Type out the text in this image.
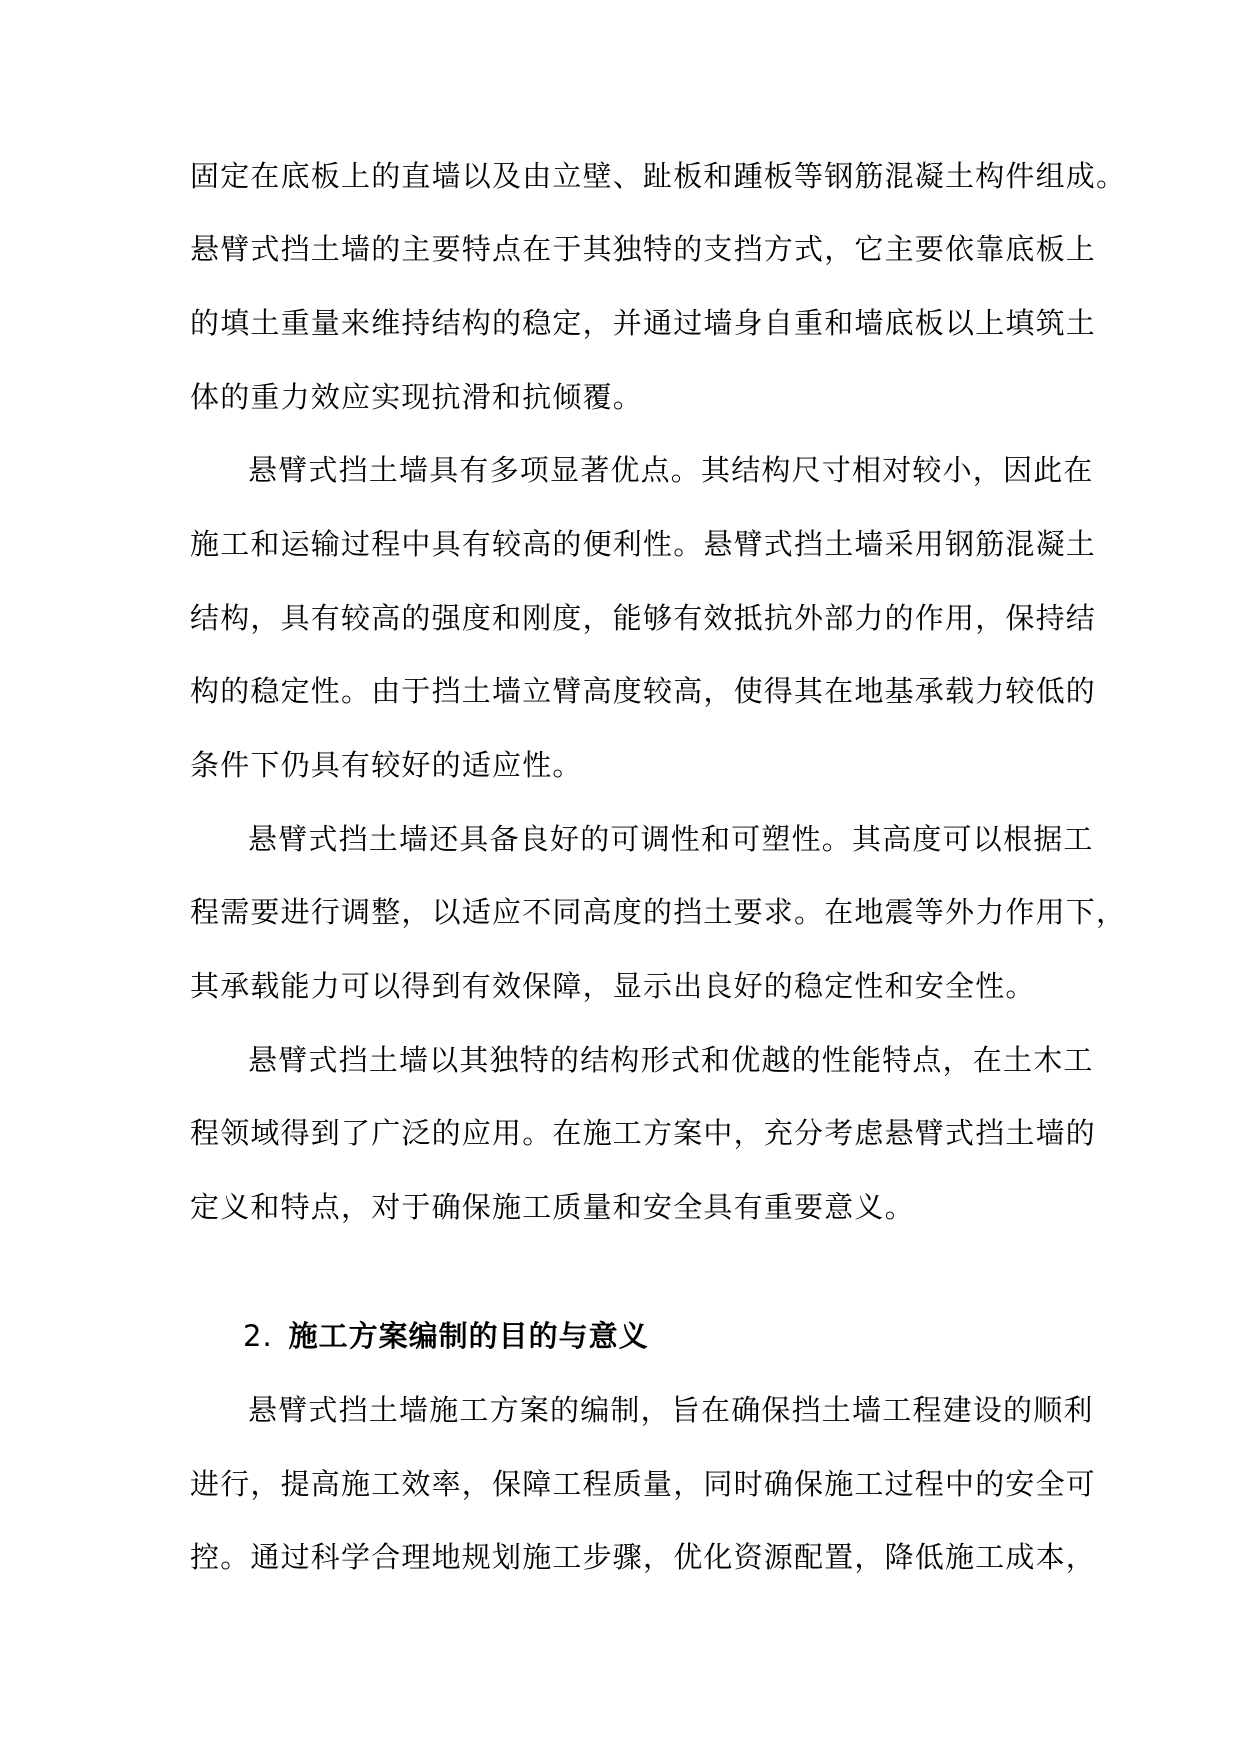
固定在底板上的直墙以及由立壁、趾板和踵板等钢筋混凝土构件组成。
悬臂式挡土墙的主要特点在于其独特的支挡方式，它主要依靠底板上
的填土重量来维持结构的稳定，并通过墙身自重和墙底板以上填筑土
体的重力效应实现抗滑和抗倾覆。
悬臂式挡土墙具有多项显著优点。其结构尺寸相对较小，因此在
施工和运输过程中具有较高的便利性。悬臂式挡土墙采用钢筋混凝土
结构，具有较高的强度和刚度，能够有效抵抗外部力的作用，保持结
构的稳定性。由于挡土墙立臂高度较高，使得其在地基承载力较低的
条件下仍具有较好的适应性。
悬臂式挡土墙还具备良好的可调性和可塑性。其高度可以根据工
程需要进行调整，以适应不同高度的挡土要求。在地震等外力作用下，
其承载能力可以得到有效保障，显示出良好的稳定性和安全性。
悬臂式挡土墙以其独特的结构形式和优越的性能特点，在土木工
程领域得到了广泛的应用。在施工方案中，充分考虑悬臂式挡土墙的
定义和特点，对于确保施工质量和安全具有重要意义。
2. 施工方案编制的目的与意义
悬臂式挡土墙施工方案的编制，旨在确保挡土墙工程建设的顺利
进行，提高施工效率，保障工程质量，同时确保施工过程中的安全可
控。通过科学合理地规划施工步骤，优化资源配置，降低施工成本，
